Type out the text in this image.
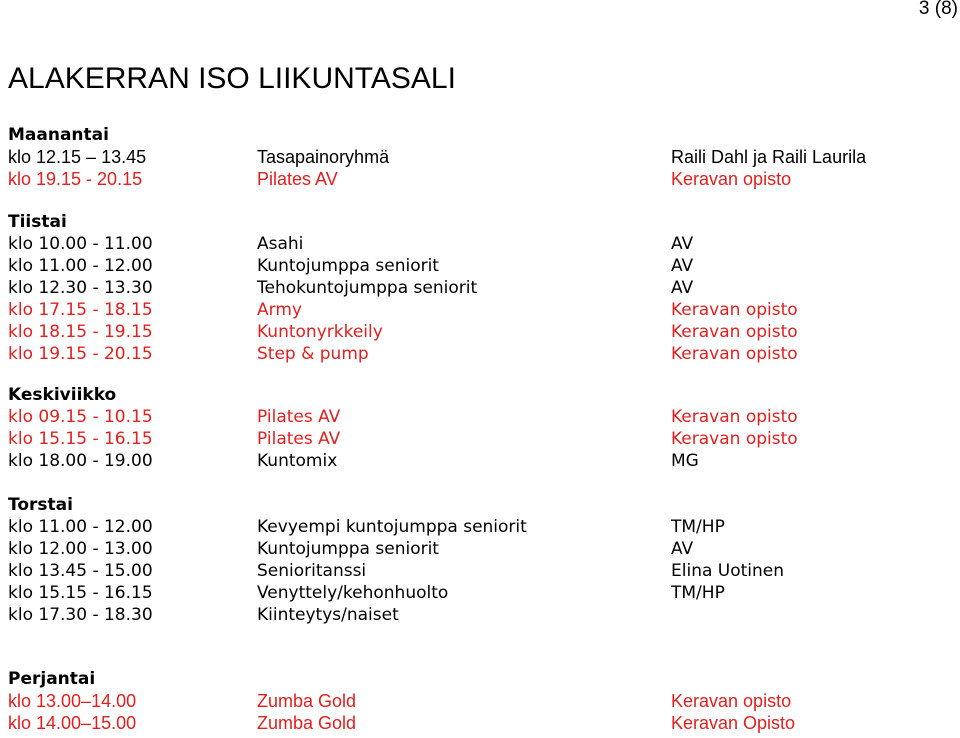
3 (8)
ALAKERRAN ISO LIIKUNTASALI
Maanantai
klo 12.15 – 13.45	Tasapainoryhmä	Raili Dahl ja Raili Laurila
klo 19.15 - 20.15	Pilates AV	Keravan opisto
Tiistai
klo 10.00 - 11.00	Asahi	AV
klo 11.00 - 12.00	Kuntojumppa seniorit	AV
klo 12.30 - 13.30	Tehokuntojumppa seniorit	AV
klo 17.15 - 18.15	Army	Keravan opisto
klo 18.15 - 19.15	Kuntonyrkkeily	Keravan opisto
klo 19.15 - 20.15	Step & pump	Keravan opisto
Keskiviikko
klo 09.15 - 10.15	Pilates AV	Keravan opisto
klo 15.15 - 16.15	Pilates AV	Keravan opisto
klo 18.00 - 19.00	Kuntomix	MG
Torstai
klo 11.00 - 12.00	Kevyempi kuntojumppa seniorit	TM/HP
klo 12.00 - 13.00	Kuntojumppa seniorit	AV
klo 13.45 - 15.00	Senioritanssi	Elina Uotinen
klo 15.15 - 16.15	Venyttely/kehonhuolto	TM/HP
klo 17.30 - 18.30	Kiinteytys/naiset
Perjantai
klo 13.00–14.00	Zumba Gold	Keravan opisto
klo 14.00–15.00	Zumba Gold	Keravan Opisto
